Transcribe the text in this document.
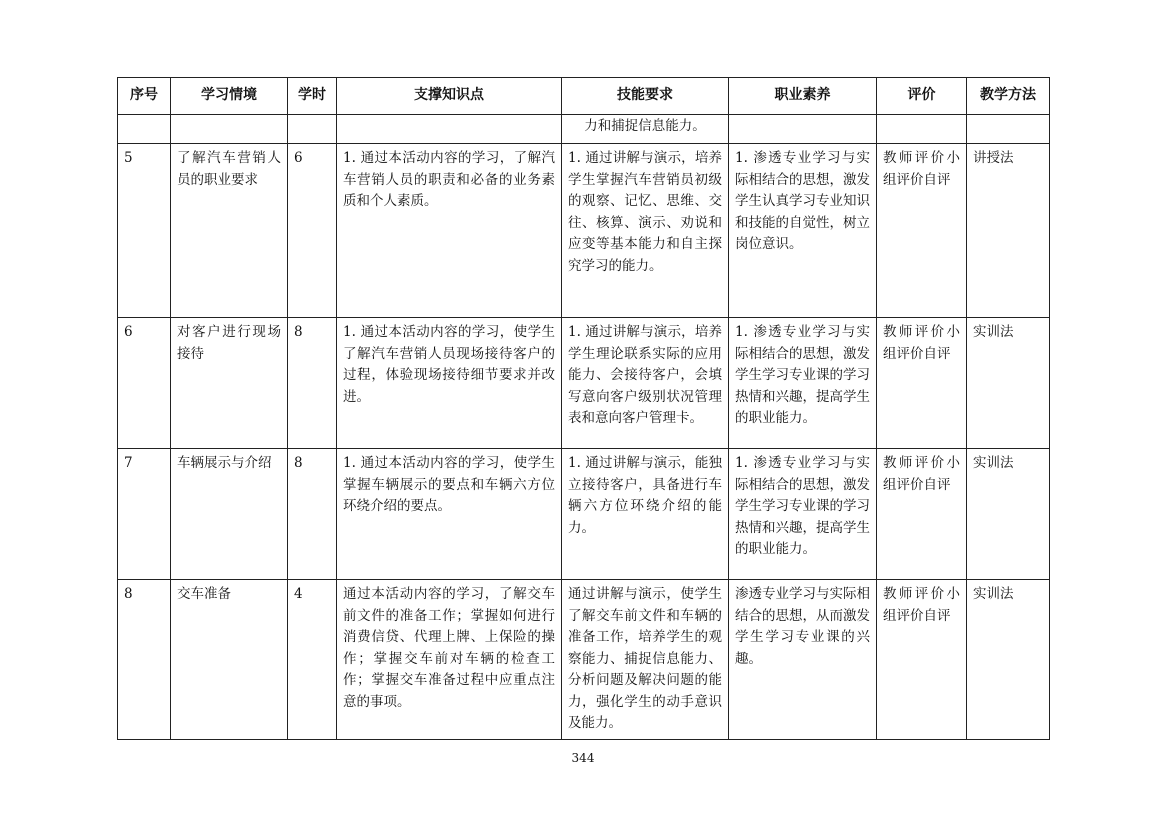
序号	学习情境	学时	支撑知识点	技能要求	职业素养	评价	教学方法
				力和捕捉信息能力。			
5	了解汽车营销人员的职业要求	6	1. 通过本活动内容的学习，了解汽车营销人员的职责和必备的业务素质和个人素质。	1. 通过讲解与演示，培养学生掌握汽车营销员初级的观察、记忆、思维、交往、核算、演示、劝说和应变等基本能力和自主探究学习的能力。	1. 渗透专业学习与实际相结合的思想，激发学生认真学习专业知识和技能的自觉性，树立岗位意识。	教师评价小组评价自评	讲授法
6	对客户进行现场接待	8	1. 通过本活动内容的学习，使学生了解汽车营销人员现场接待客户的过程，体验现场接待细节要求并改进。	1. 通过讲解与演示，培养学生理论联系实际的应用能力、会接待客户，会填写意向客户级别状况管理表和意向客户管理卡。	1. 渗透专业学习与实际相结合的思想，激发学生学习专业课的学习热情和兴趣，提高学生的职业能力。	教师评价小组评价自评	实训法
7	车辆展示与介绍	8	1. 通过本活动内容的学习，使学生掌握车辆展示的要点和车辆六方位环绕介绍的要点。	1. 通过讲解与演示，能独立接待客户，具备进行车辆六方位环绕介绍的能力。	1. 渗透专业学习与实际相结合的思想，激发学生学习专业课的学习热情和兴趣，提高学生的职业能力。	教师评价小组评价自评	实训法
8	交车准备	4	通过本活动内容的学习，了解交车前文件的准备工作；掌握如何进行消费信贷、代理上牌、上保险的操作；掌握交车前对车辆的检查工作；掌握交车准备过程中应重点注意的事项。	通过讲解与演示，使学生了解交车前文件和车辆的准备工作，培养学生的观察能力、捕捉信息能力、分析问题及解决问题的能力，强化学生的动手意识及能力。	渗透专业学习与实际相结合的思想，从而激发学生学习专业课的兴趣。	教师评价小组评价自评	实训法
344
